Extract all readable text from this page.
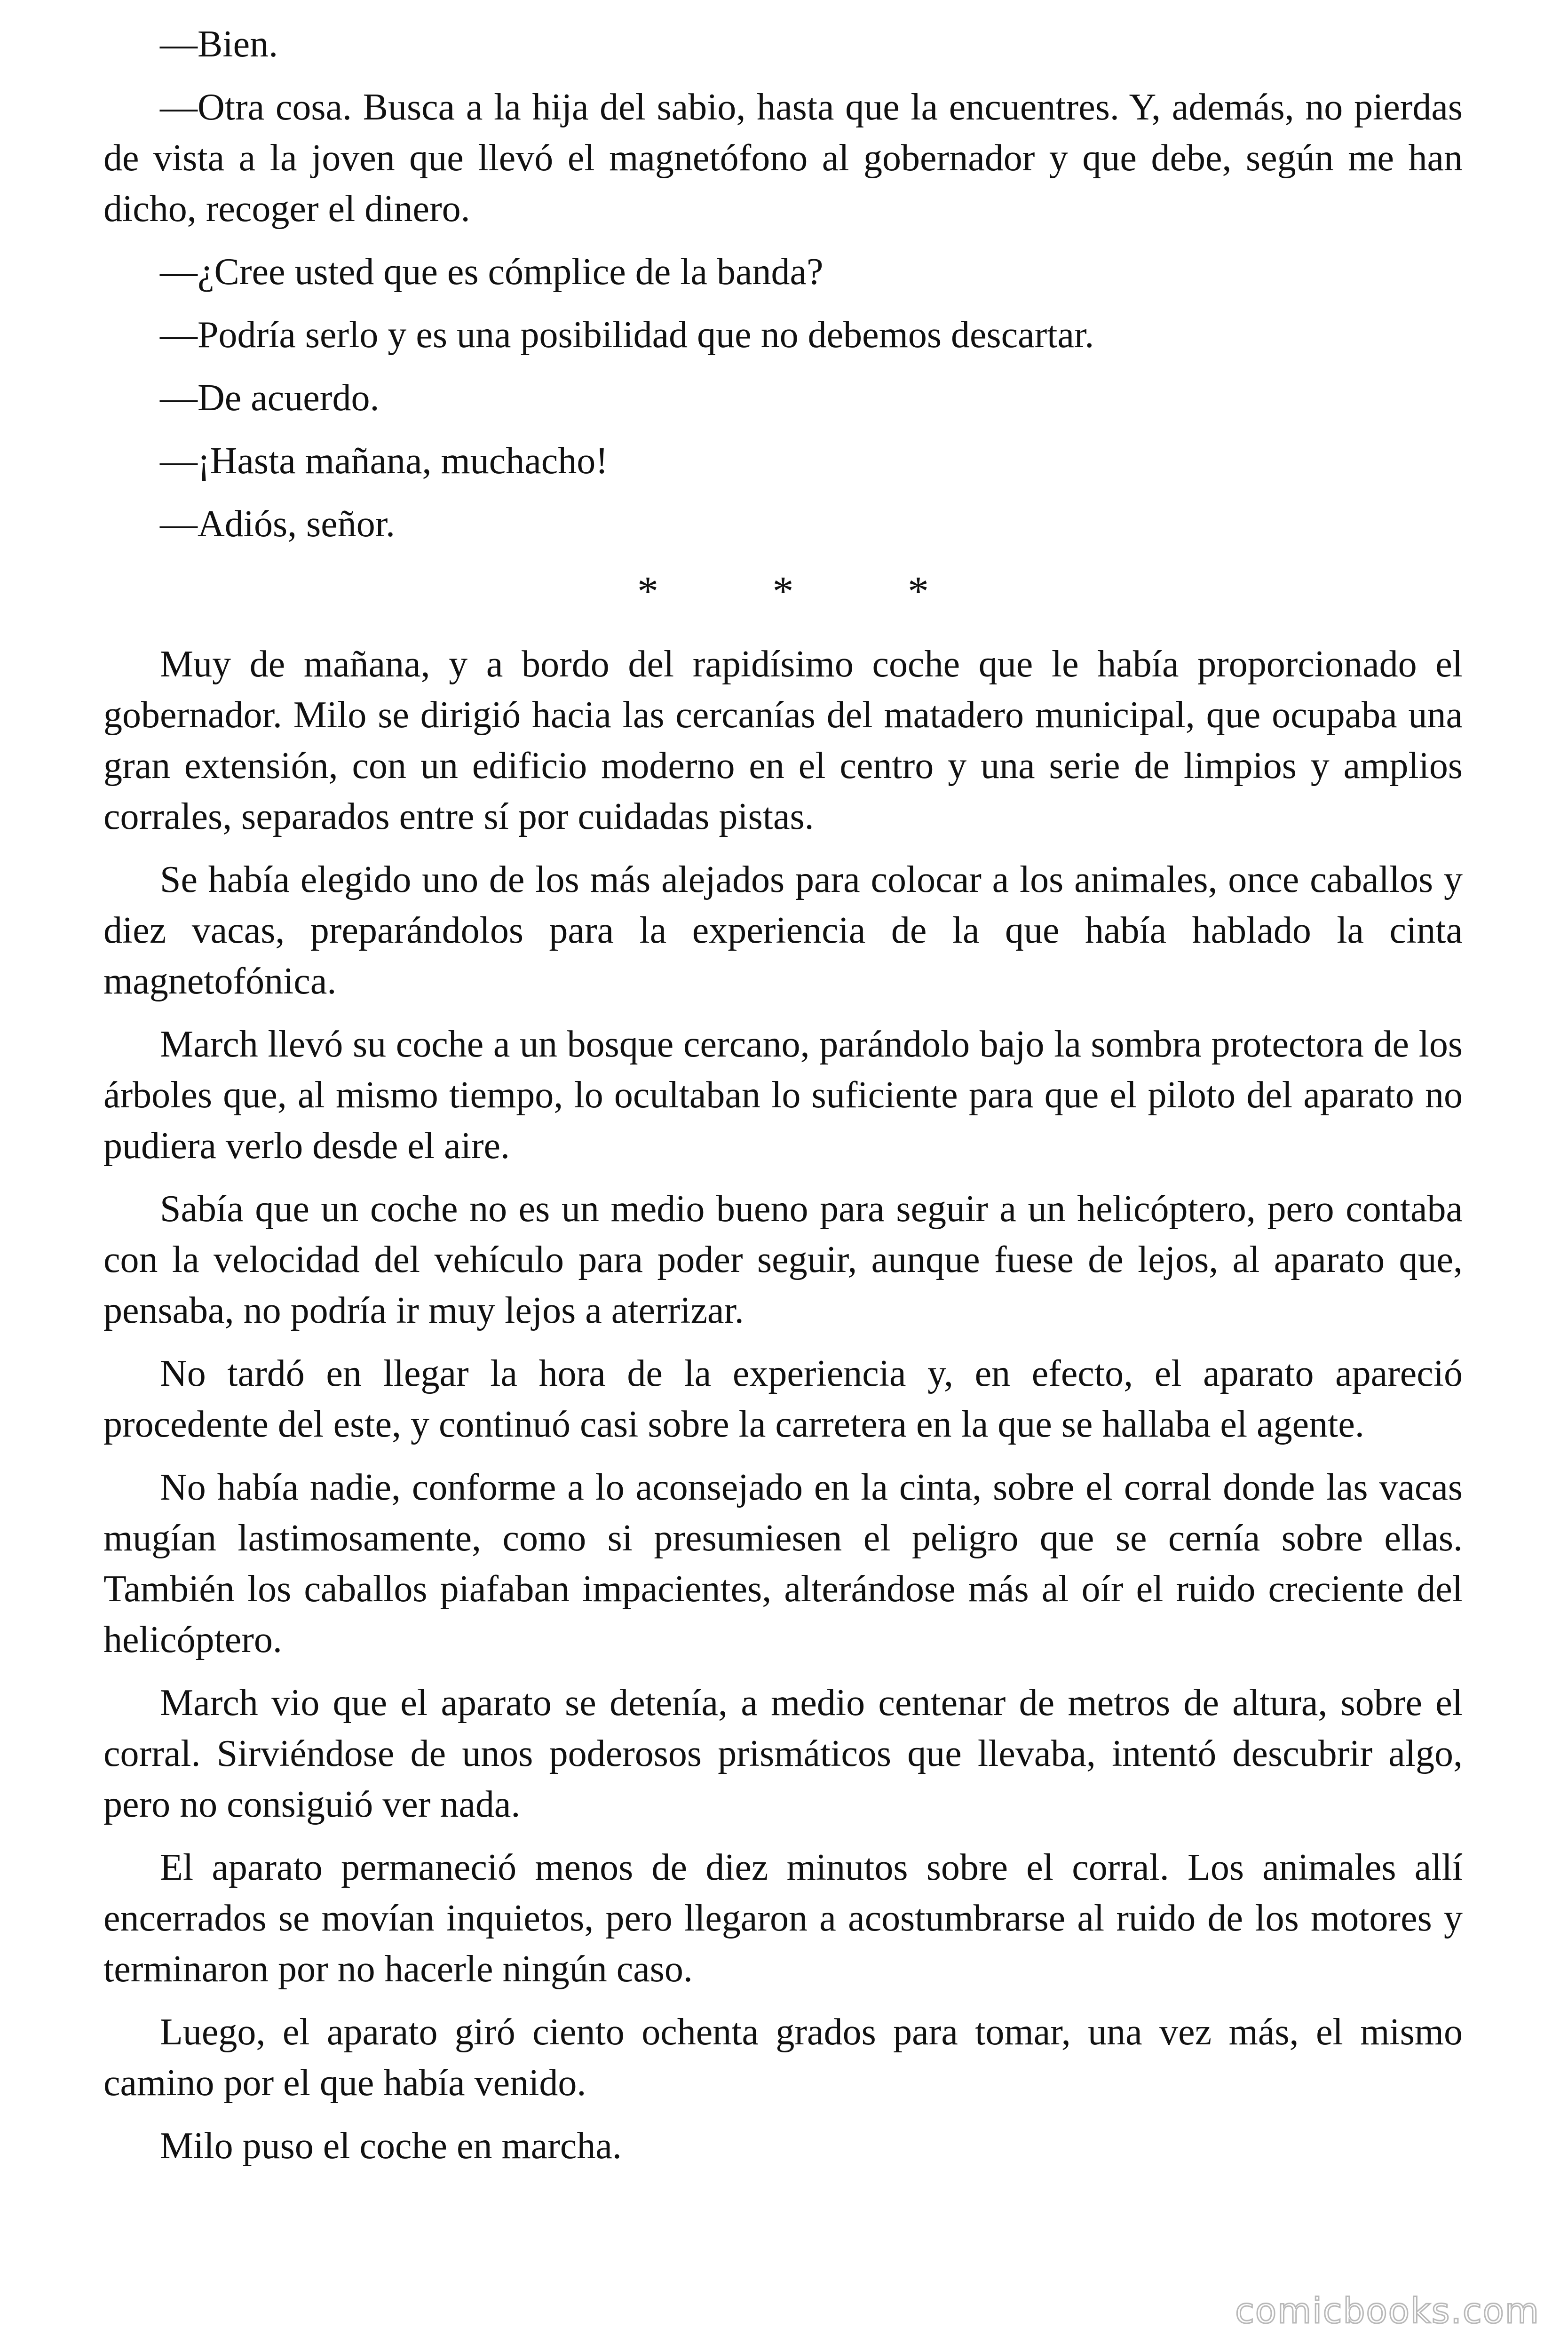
—Bien.

—Otra cosa. Busca a la hija del sabio, hasta que la encuentres. Y, además, no pierdas de vista a la joven que llevó el magnetófono al gobernador y que debe, según me han dicho, recoger el dinero.

—¿Cree usted que es cómplice de la banda?

—Podría serlo y es una posibilidad que no debemos descartar.

—De acuerdo.

—¡Hasta mañana, muchacho!

—Adiós, señor.

* * *

Muy de mañana, y a bordo del rapidísimo coche que le había proporcionado el gobernador. Milo se dirigió hacia las cercanías del matadero municipal, que ocupaba una gran extensión, con un edificio moderno en el centro y una serie de limpios y amplios corrales, separados entre sí por cuidadas pistas.

Se había elegido uno de los más alejados para colocar a los animales, once caballos y diez vacas, preparándolos para la experiencia de la que había hablado la cinta magnetofónica.

March llevó su coche a un bosque cercano, parándolo bajo la sombra protectora de los árboles que, al mismo tiempo, lo ocultaban lo suficiente para que el piloto del aparato no pudiera verlo desde el aire.

Sabía que un coche no es un medio bueno para seguir a un helicóptero, pero contaba con la velocidad del vehículo para poder seguir, aunque fuese de lejos, al aparato que, pensaba, no podría ir muy lejos a aterrizar.

No tardó en llegar la hora de la experiencia y, en efecto, el aparato apareció procedente del este, y continuó casi sobre la carretera en la que se hallaba el agente.

No había nadie, conforme a lo aconsejado en la cinta, sobre el corral donde las vacas mugían lastimosamente, como si presumiesen el peligro que se cernía sobre ellas. También los caballos piafaban impacientes, alterándose más al oír el ruido creciente del helicóptero.

March vio que el aparato se detenía, a medio centenar de metros de altura, sobre el corral. Sirviéndose de unos poderosos prismáticos que llevaba, intentó descubrir algo, pero no consiguió ver nada.

El aparato permaneció menos de diez minutos sobre el corral. Los animales allí encerrados se movían inquietos, pero llegaron a acostumbrarse al ruido de los motores y terminaron por no hacerle ningún caso.

Luego, el aparato giró ciento ochenta grados para tomar, una vez más, el mismo camino por el que había venido.

Milo puso el coche en marcha.

comicbooks.com
